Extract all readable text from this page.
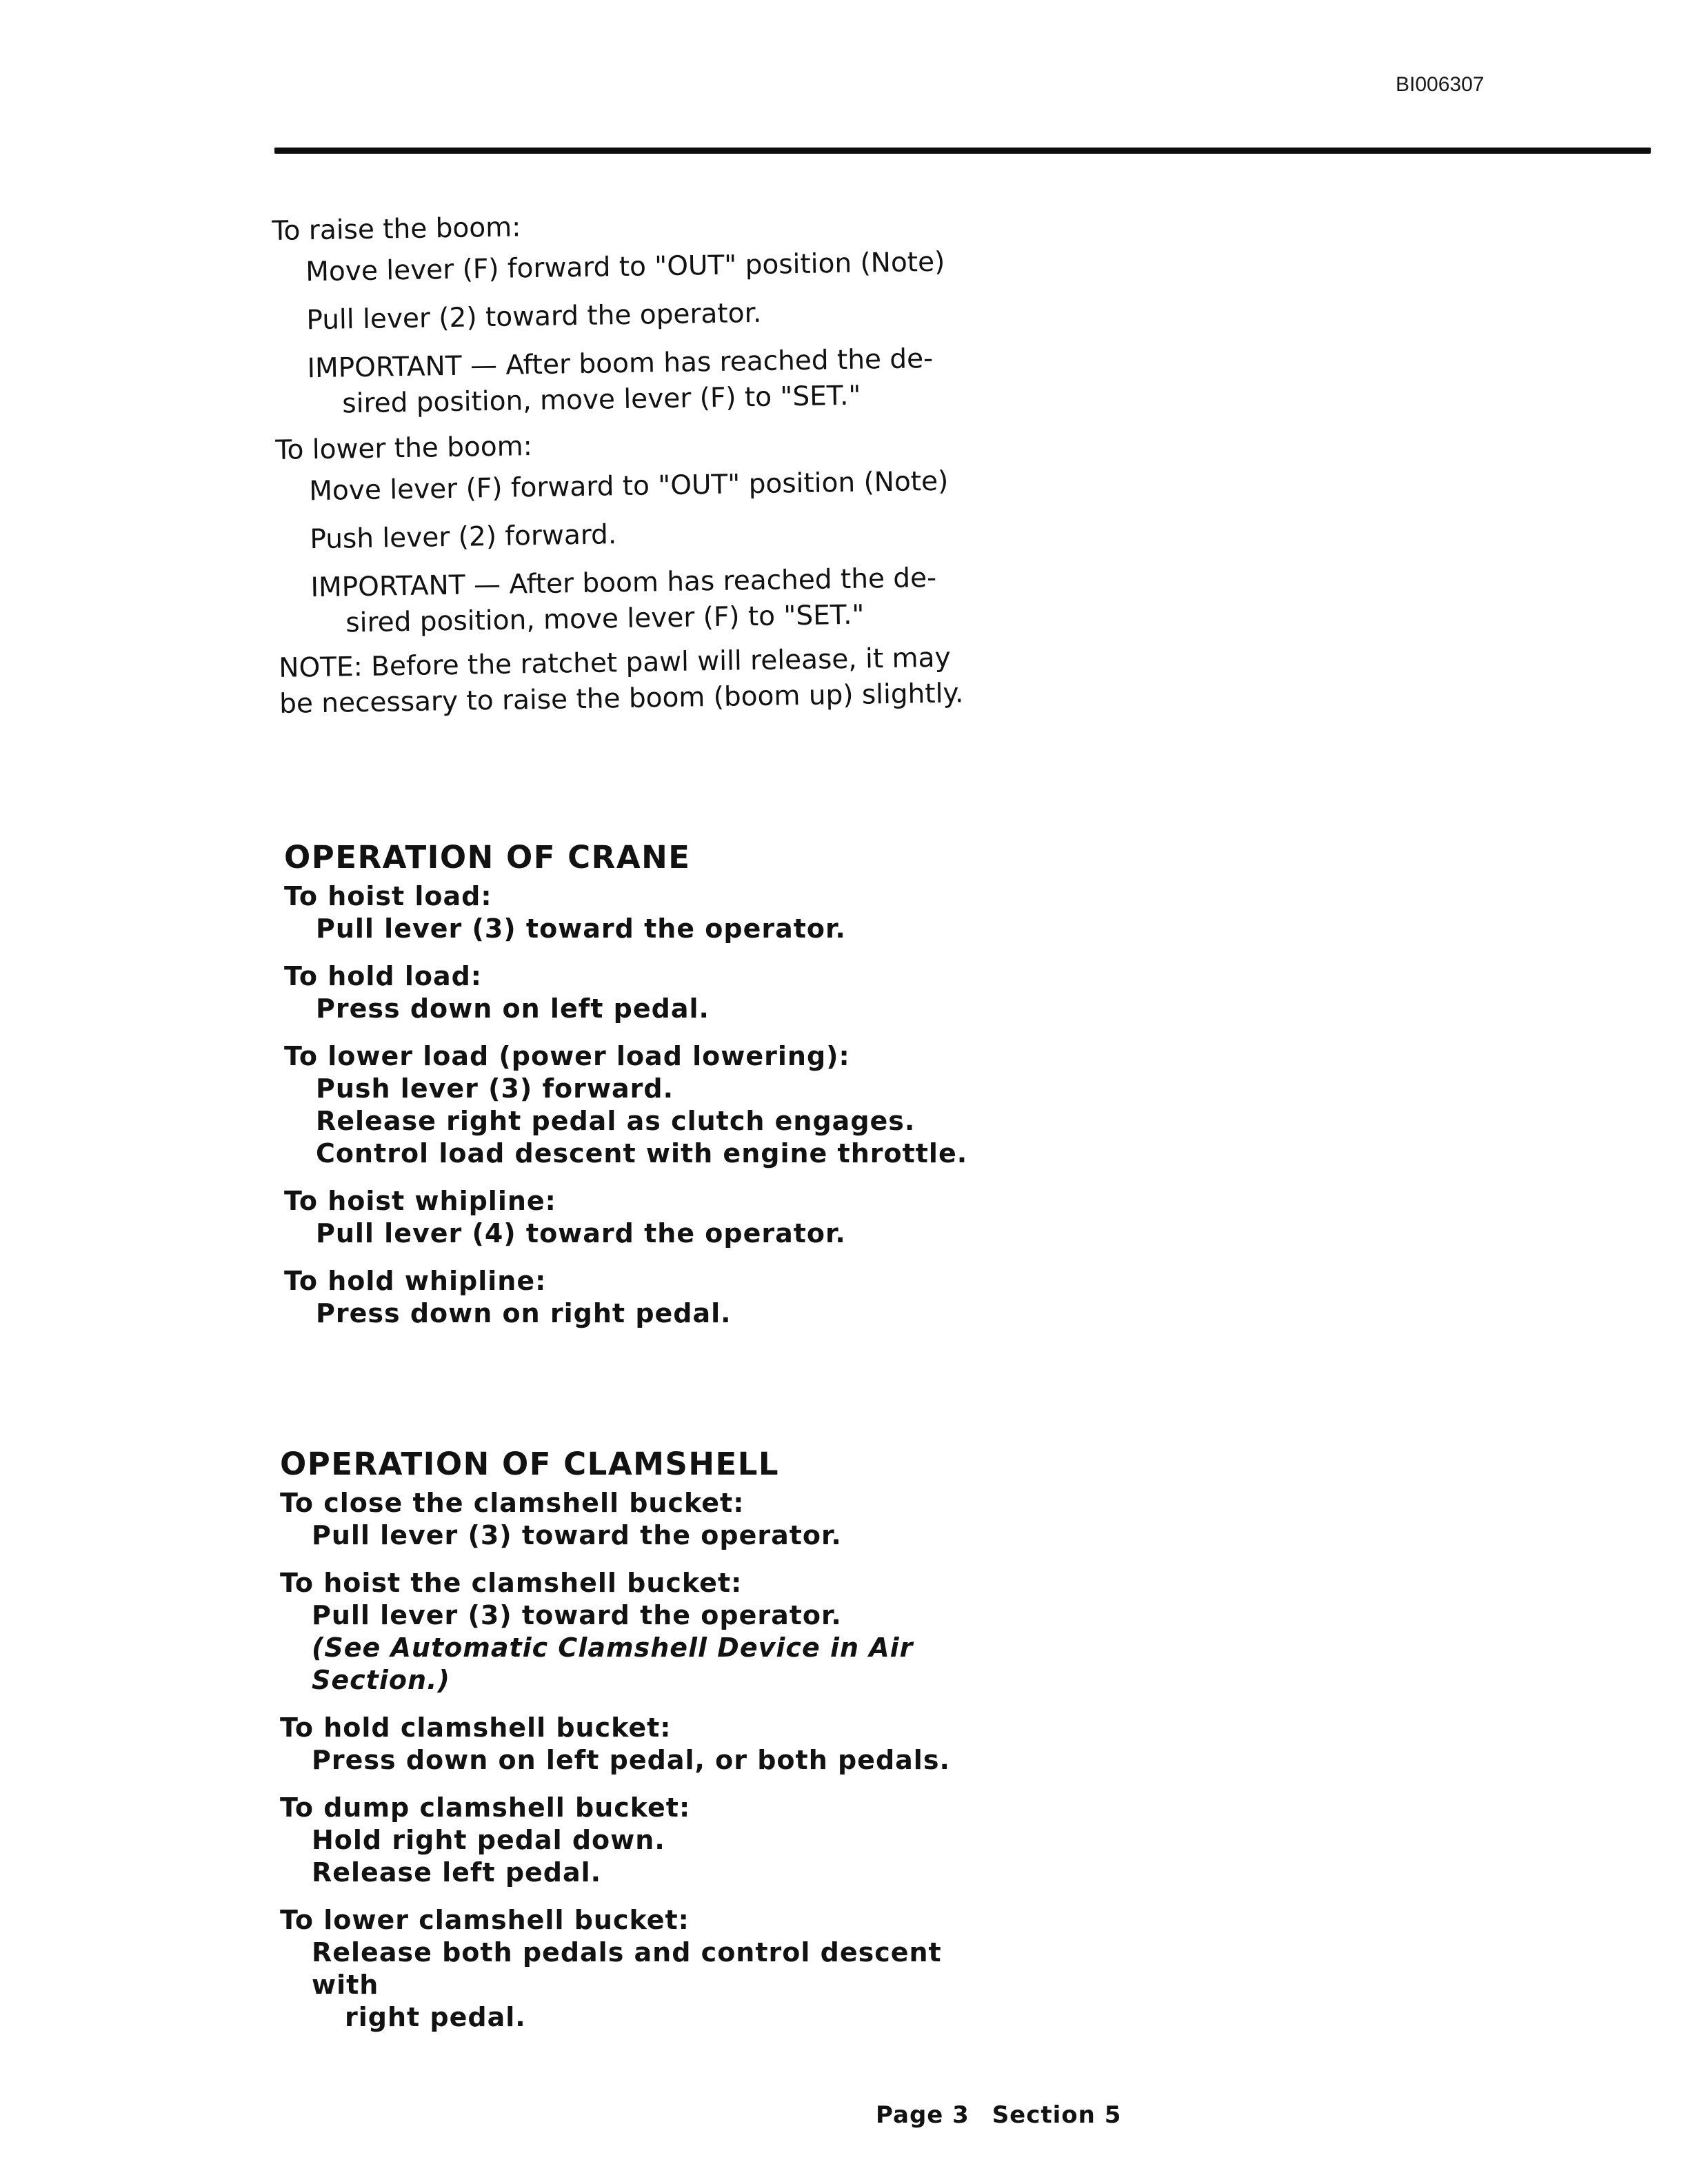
BI006307
To raise the boom:
Move lever (F) forward to "OUT" position (Note)
Pull lever (2) toward the operator.
IMPORTANT — After boom has reached the de-
sired position, move lever (F) to "SET."
To lower the boom:
Move lever (F) forward to "OUT" position (Note)
Push lever (2) forward.
IMPORTANT — After boom has reached the de-
sired position, move lever (F) to "SET."
NOTE: Before the ratchet pawl will release, it may
be necessary to raise the boom (boom up) slightly.
OPERATION OF CRANE
To hoist load:
Pull lever (3) toward the operator.
To hold load:
Press down on left pedal.
To lower load (power load lowering):
Push lever (3) forward.
Release right pedal as clutch engages.
Control load descent with engine throttle.
To hoist whipline:
Pull lever (4) toward the operator.
To hold whipline:
Press down on right pedal.
OPERATION OF CLAMSHELL
To close the clamshell bucket:
Pull lever (3) toward the operator.
To hoist the clamshell bucket:
Pull lever (3) toward the operator.
(See Automatic Clamshell Device in Air Section.)
To hold clamshell bucket:
Press down on left pedal, or both pedals.
To dump clamshell bucket:
Hold right pedal down.
Release left pedal.
To lower clamshell bucket:
Release both pedals and control descent with
right pedal.
Page 3 Section 5
